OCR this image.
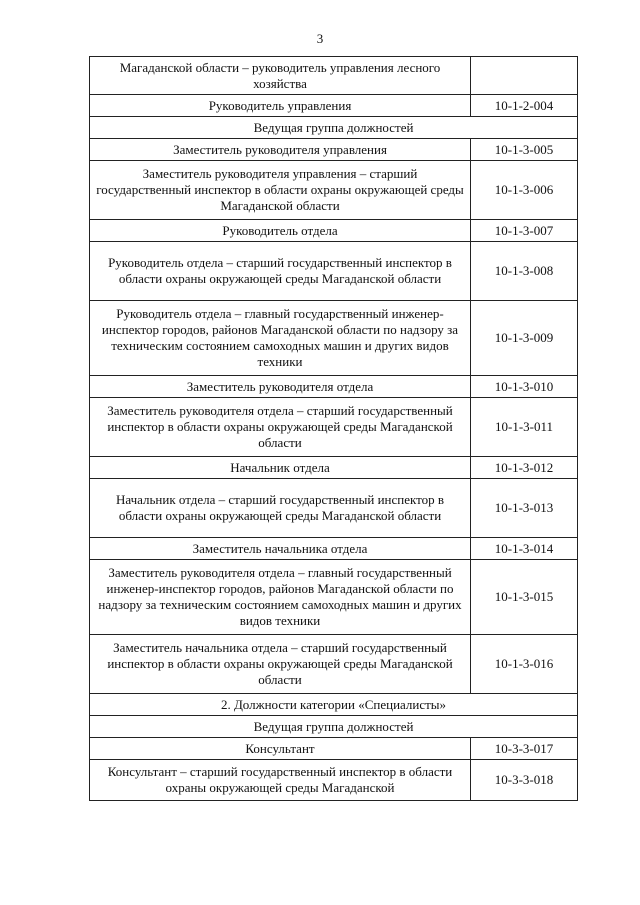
3
Магаданской области – руководитель управления лесного хозяйства	
Руководитель управления	10-1-2-004
Ведущая группа должностей	
Заместитель руководителя управления	10-1-3-005
Заместитель руководителя управления – старший государственный инспектор в области охраны окружающей среды Магаданской области	10-1-3-006
Руководитель отдела	10-1-3-007
Руководитель отдела – старший государственный инспектор в области охраны окружающей среды Магаданской области	10-1-3-008
Руководитель отдела – главный государственный инженер-инспектор городов, районов Магаданской области по надзору за техническим состоянием самоходных машин и других видов техники	10-1-3-009
Заместитель руководителя отдела	10-1-3-010
Заместитель руководителя отдела – старший государственный инспектор в области охраны окружающей среды Магаданской области	10-1-3-011
Начальник отдела	10-1-3-012
Начальник отдела – старший государственный инспектор в области охраны окружающей среды Магаданской области	10-1-3-013
Заместитель начальника отдела	10-1-3-014
Заместитель руководителя отдела – главный государственный инженер-инспектор городов, районов Магаданской области по надзору за техническим состоянием самоходных машин и других видов техники	10-1-3-015
Заместитель начальника отдела – старший государственный инспектор в области охраны окружающей среды Магаданской области	10-1-3-016
2. Должности категории «Специалисты»	
Ведущая группа должностей	
Консультант	10-3-3-017
Консультант – старший государственный инспектор в области охраны окружающей среды Магаданской	10-3-3-018
